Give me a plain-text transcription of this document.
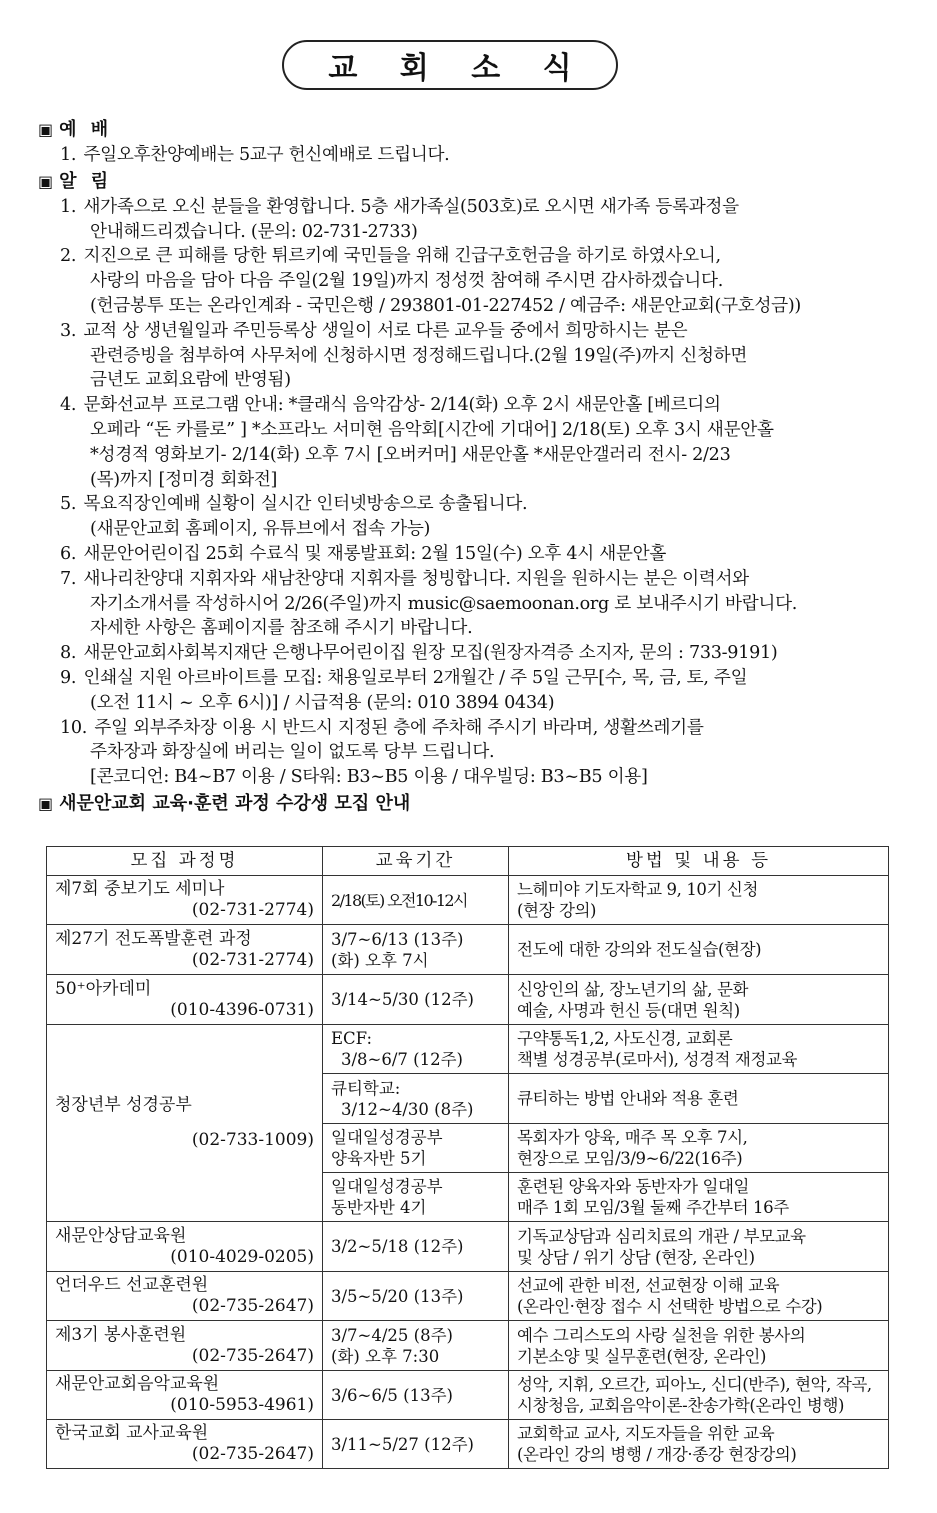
교 회 소 식
▣ 예 배
1. 주일오후찬양예배는 5교구 헌신예배로 드립니다.
▣ 알 림
1. 새가족으로 오신 분들을 환영합니다. 5층 새가족실(503호)로 오시면 새가족 등록과정을
안내해드리겠습니다. (문의: 02-731-2733)
2. 지진으로 큰 피해를 당한 튀르키예 국민들을 위해 긴급구호헌금을 하기로 하였사오니,
사랑의 마음을 담아 다음 주일(2월 19일)까지 정성껏 참여해 주시면 감사하겠습니다.
(헌금봉투 또는 온라인계좌 - 국민은행 / 293801-01-227452 / 예금주: 새문안교회(구호성금))
3. 교적 상 생년월일과 주민등록상 생일이 서로 다른 교우들 중에서 희망하시는 분은
관련증빙을 첨부하여 사무처에 신청하시면 정정해드립니다.(2월 19일(주)까지 신청하면
금년도 교회요람에 반영됨)
4. 문화선교부 프로그램 안내: *클래식 음악감상- 2/14(화) 오후 2시 새문안홀 [베르디의
오페라 “돈 카를로” ] *소프라노 서미현 음악회[시간에 기대어] 2/18(토) 오후 3시 새문안홀
*성경적 영화보기- 2/14(화) 오후 7시 [오버커머] 새문안홀 *새문안갤러리 전시- 2/23
(목)까지 [정미경 회화전]
5. 목요직장인예배 실황이 실시간 인터넷방송으로 송출됩니다.
(새문안교회 홈페이지, 유튜브에서 접속 가능)
6. 새문안어린이집 25회 수료식 및 재롱발표회: 2월 15일(수) 오후 4시 새문안홀
7. 새나리찬양대 지휘자와 새남찬양대 지휘자를 청빙합니다. 지원을 원하시는 분은 이력서와
자기소개서를 작성하시어 2/26(주일)까지 music@saemoonan.org 로 보내주시기 바랍니다.
자세한 사항은 홈페이지를 참조해 주시기 바랍니다.
8. 새문안교회사회복지재단 은행나무어린이집 원장 모집(원장자격증 소지자, 문의 : 733-9191)
9. 인쇄실 지원 아르바이트를 모집: 채용일로부터 2개월간 / 주 5일 근무[수, 목, 금, 토, 주일
(오전 11시 ~ 오후 6시)] / 시급적용 (문의: 010 3894 0434)
10. 주일 외부주차장 이용 시 반드시 지정된 층에 주차해 주시기 바라며, 생활쓰레기를
주차장과 화장실에 버리는 일이 없도록 당부 드립니다.
[콘코디언: B4~B7 이용 / S타워: B3~B5 이용 / 대우빌딩: B3~B5 이용]
▣ 새문안교회 교육·훈련 과정 수강생 모집 안내
모집 과정명	교육기간	방법 및 내용 등

제7회 중보기도 세미나
(02-731-2774)	2/18(토) 오전10-12시	느헤미야 기도자학교 9, 10기 신청
(현장 강의)

제27기 전도폭발훈련 과정
(02-731-2774)	3/7~6/13 (13주)
(화) 오후 7시	전도에 대한 강의와 전도실습(현장)

50⁺아카데미
(010-4396-0731)	3/14~5/30 (12주)	신앙인의 삶, 장노년기의 삶, 문화
예술, 사명과 헌신 등(대면 원칙)

청장년부 성경공부
(02-733-1009)	ECF:
3/8~6/7 (12주)	구약통독1,2, 사도신경, 교회론
책별 성경공부(로마서), 성경적 재정교육

	큐티학교:
3/12~4/30 (8주)	큐티하는 방법 안내와 적용 훈련

	일대일성경공부
양육자반 5기	목회자가 양육, 매주 목 오후 7시,
현장으로 모임/3/9~6/22(16주)

	일대일성경공부
동반자반 4기	훈련된 양육자와 동반자가 일대일
매주 1회 모임/3월 둘째 주간부터 16주

새문안상담교육원
(010-4029-0205)	3/2~5/18 (12주)	기독교상담과 심리치료의 개관 / 부모교육
및 상담 / 위기 상담 (현장, 온라인)

언더우드 선교훈련원
(02-735-2647)	3/5~5/20 (13주)	선교에 관한 비전, 선교현장 이해 교육
(온라인·현장 접수 시 선택한 방법으로 수강)

제3기 봉사훈련원
(02-735-2647)	3/7~4/25 (8주)
(화) 오후 7:30	예수 그리스도의 사랑 실천을 위한 봉사의
기본소양 및 실무훈련(현장, 온라인)

새문안교회음악교육원
(010-5953-4961)	3/6~6/5 (13주)	성악, 지휘, 오르간, 피아노, 신디(반주), 현악, 작곡,
시창청음, 교회음악이론-찬송가학(온라인 병행)

한국교회 교사교육원
(02-735-2647)	3/11~5/27 (12주)	교회학교 교사, 지도자들을 위한 교육
(온라인 강의 병행 / 개강·종강 현장강의)
